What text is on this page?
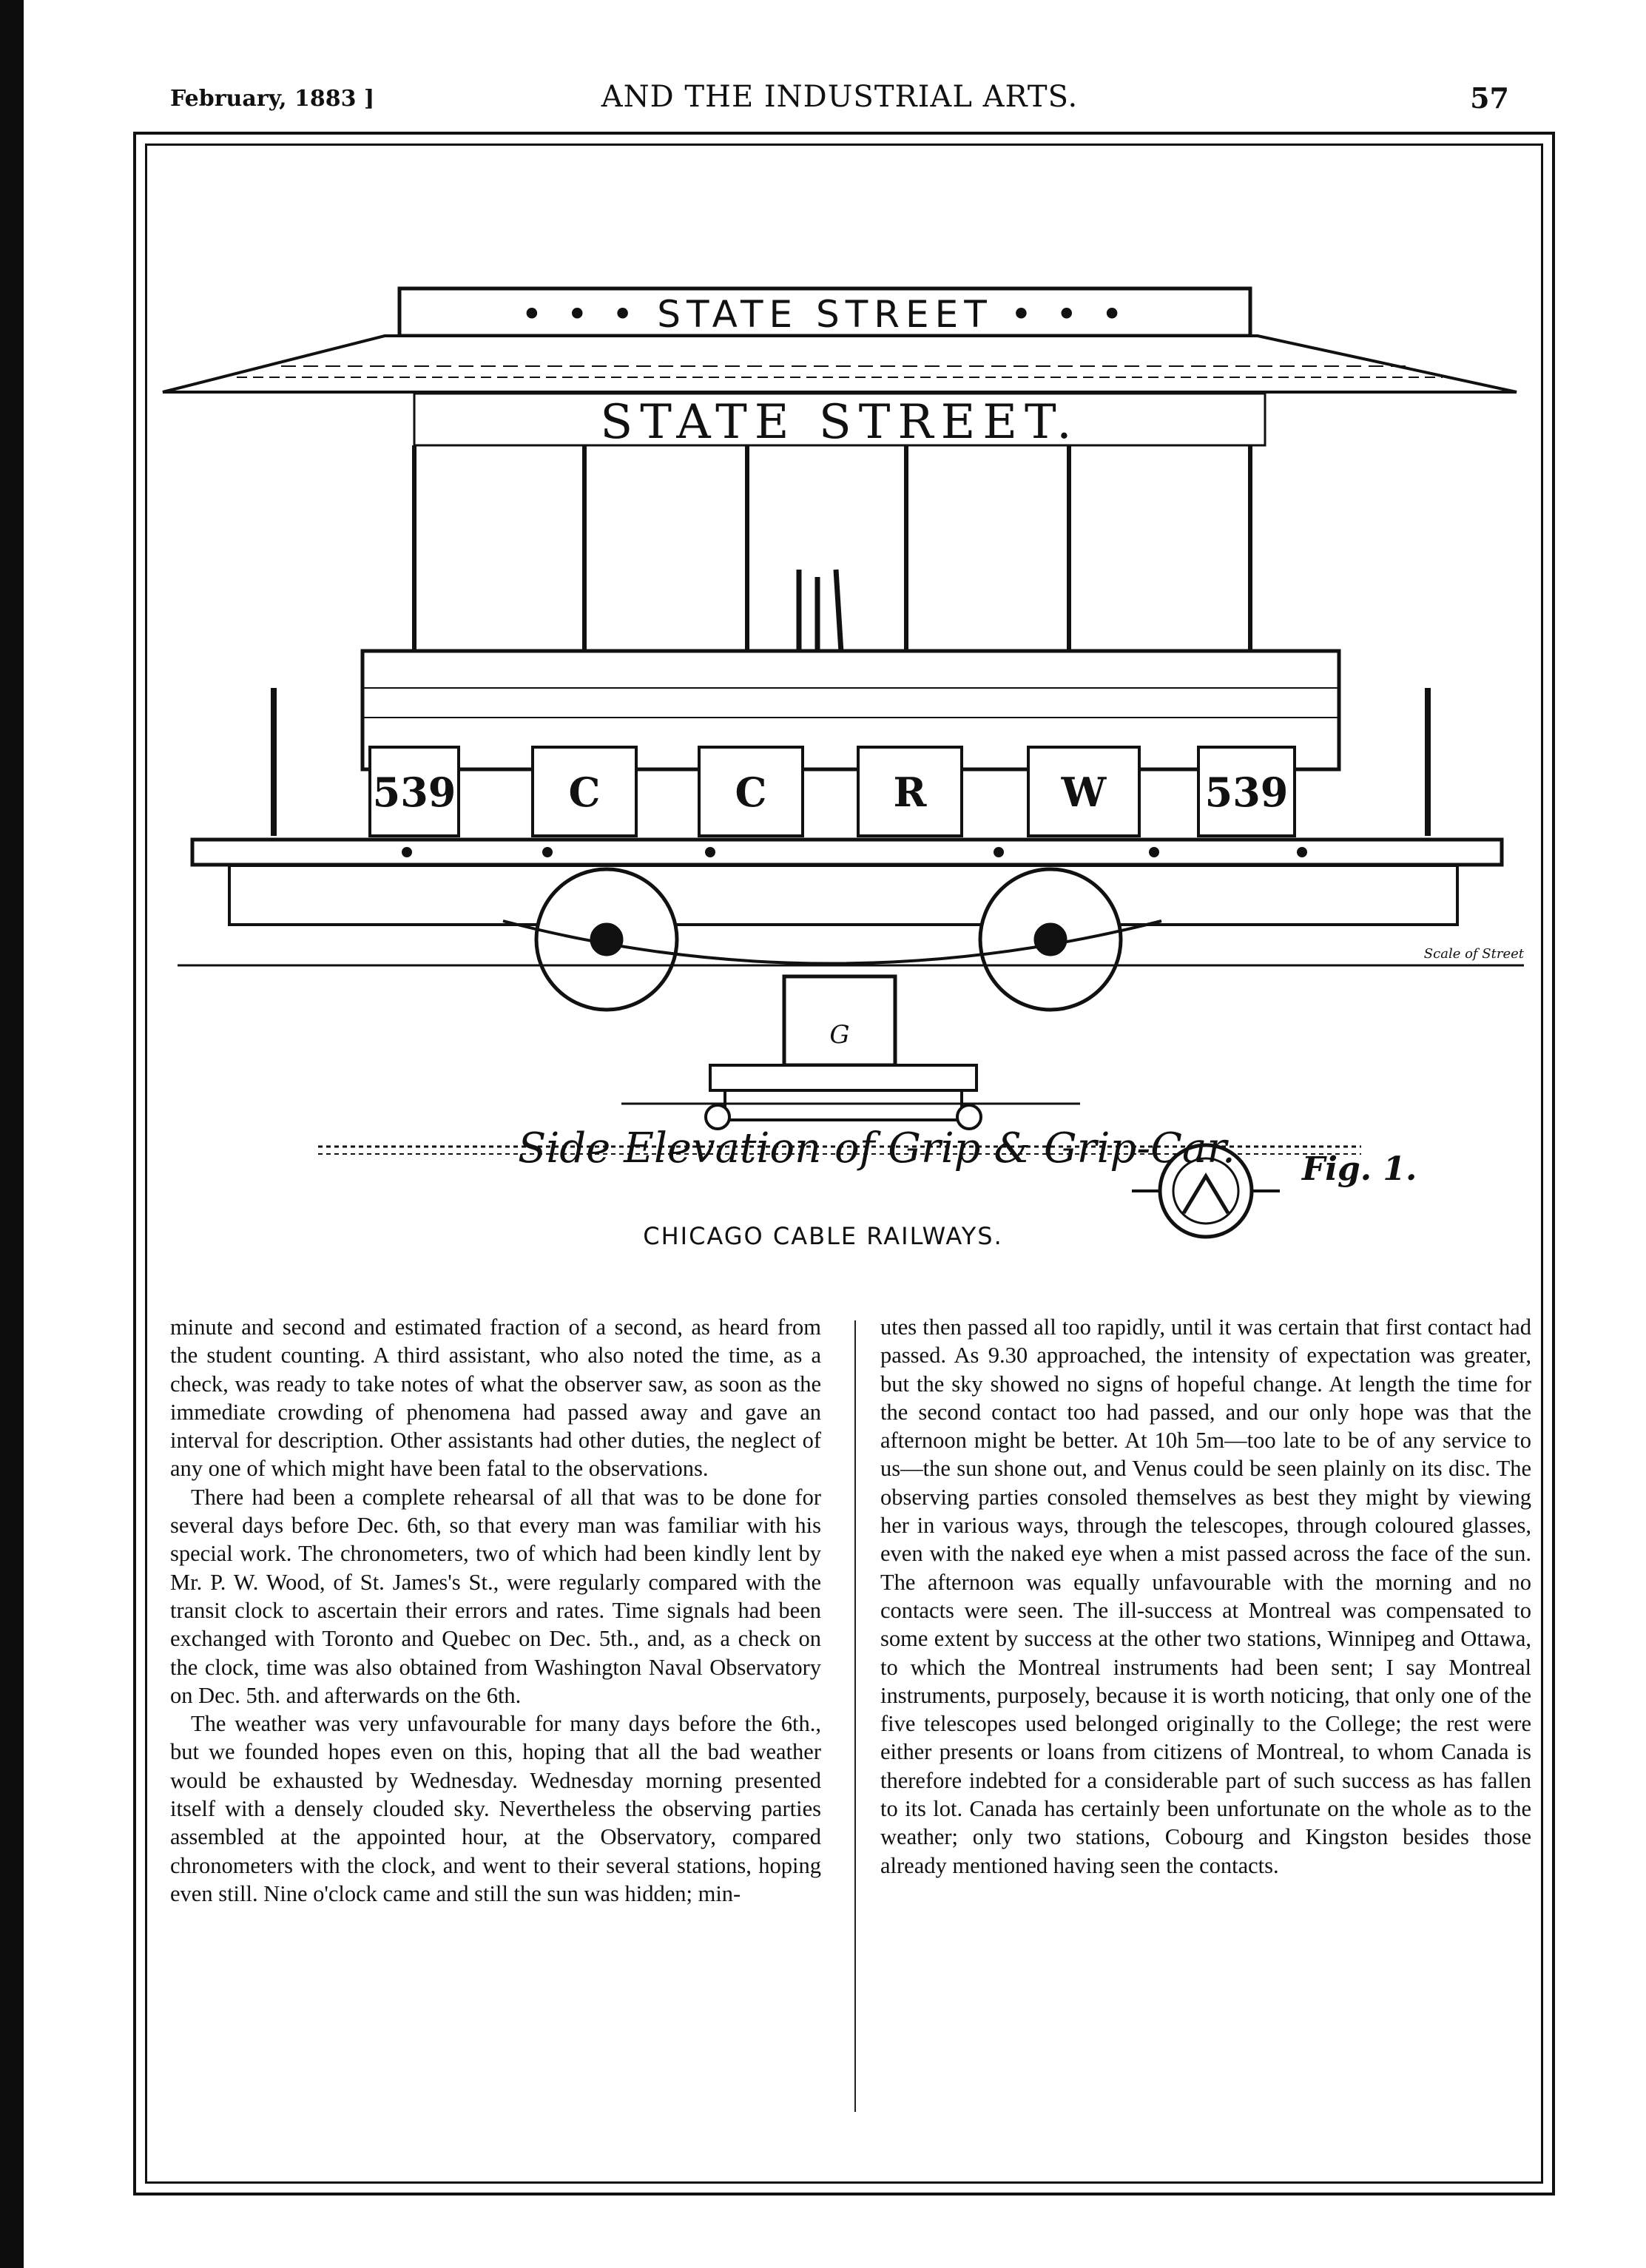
February, 1883 ]	AND THE INDUSTRIAL ARTS.	57
• • • STATE STREET • • •
STATE STREET.
539	C	C	R	W 539
G
Scale of Street
Side Elevation of Grip & Grip-Car. Fig. 1.
CHICAGO CABLE RAILWAYS.

minute and second and estimated fraction of a second, as heard from the student counting. A third assistant, who also noted the time, as a check, was ready to take notes of what the observer saw, as soon as the immediate crowding of phenomena had passed away and gave an interval for description. Other assistants had other duties, the neglect of any one of which might have been fatal to the observations.

There had been a complete rehearsal of all that was to be done for several days before Dec. 6th, so that every man was familiar with his special work. The chronometers, two of which had been kindly lent by Mr. P. W. Wood, of St. James's St., were regularly compared with the transit clock to ascertain their errors and rates. Time signals had been exchanged with Toronto and Quebec on Dec. 5th., and, as a check on the clock, time was also obtained from Washington Naval Observatory on Dec. 5th. and afterwards on the 6th.

The weather was very unfavourable for many days before the 6th., but we founded hopes even on this, hoping that all the bad weather would be exhausted by Wednesday. Wednesday morning presented itself with a densely clouded sky. Nevertheless the observing parties assembled at the appointed hour, at the Observatory, compared chronometers with the clock, and went to their several stations, hoping even still. Nine o'clock came and still the sun was hidden; min-

utes then passed all too rapidly, until it was certain that first contact had passed. As 9.30 approached, the intensity of expectation was greater, but the sky showed no signs of hopeful change. At length the time for the second contact too had passed, and our only hope was that the afternoon might be better. At 10h 5m—too late to be of any service to us—the sun shone out, and Venus could be seen plainly on its disc. The observing parties consoled themselves as best they might by viewing her in various ways, through the telescopes, through coloured glasses, even with the naked eye when a mist passed across the face of the sun. The afternoon was equally unfavourable with the morning and no contacts were seen. The ill-success at Montreal was compensated to some extent by success at the other two stations, Winnipeg and Ottawa, to which the Montreal instruments had been sent; I say Montreal instruments, purposely, because it is worth noticing, that only one of the five telescopes used belonged originally to the College; the rest were either presents or loans from citizens of Montreal, to whom Canada is therefore indebted for a considerable part of such success as has fallen to its lot. Canada has certainly been unfortunate on the whole as to the weather; only two stations, Cobourg and Kingston besides those already mentioned having seen the contacts.
